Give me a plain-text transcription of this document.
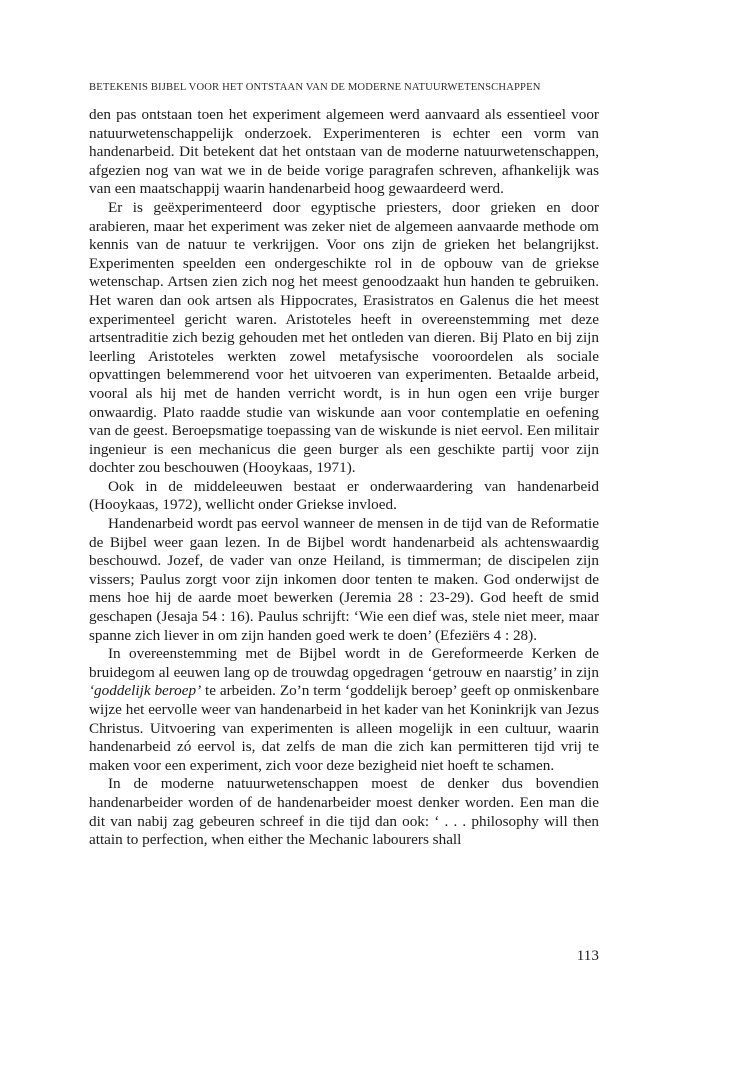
BETEKENIS BIJBEL VOOR HET ONTSTAAN VAN DE MODERNE NATUURWETENSCHAPPEN

den pas ontstaan toen het experiment algemeen werd aanvaard als essentieel voor natuurwetenschappelijk onderzoek. Experimenteren is echter een vorm van handenarbeid. Dit betekent dat het ontstaan van de moderne natuurwetenschappen, afgezien nog van wat we in de beide vorige paragrafen schreven, afhankelijk was van een maatschappij waarin handenarbeid hoog gewaardeerd werd.

Er is geëxperimenteerd door egyptische priesters, door grieken en door arabieren, maar het experiment was zeker niet de algemeen aanvaarde methode om kennis van de natuur te verkrijgen. Voor ons zijn de grieken het belangrijkst. Experimenten speelden een ondergeschikte rol in de opbouw van de griekse wetenschap. Artsen zien zich nog het meest genoodzaakt hun handen te gebruiken. Het waren dan ook artsen als Hippocrates, Erasistratos en Galenus die het meest experimenteel gericht waren. Aristoteles heeft in overeenstemming met deze artsentraditie zich bezig gehouden met het ontleden van dieren. Bij Plato en bij zijn leerling Aristoteles werkten zowel metafysische vooroordelen als sociale opvattingen belemmerend voor het uitvoeren van experimenten. Betaalde arbeid, vooral als hij met de handen verricht wordt, is in hun ogen een vrije burger onwaardig. Plato raadde studie van wiskunde aan voor contemplatie en oefening van de geest. Beroepsmatige toepassing van de wiskunde is niet eervol. Een militair ingenieur is een mechanicus die geen burger als een geschikte partij voor zijn dochter zou beschouwen (Hooykaas, 1971).

Ook in de middeleeuwen bestaat er onderwaardering van handenarbeid (Hooykaas, 1972), wellicht onder Griekse invloed.

Handenarbeid wordt pas eervol wanneer de mensen in de tijd van de Reformatie de Bijbel weer gaan lezen. In de Bijbel wordt handenarbeid als achtenswaardig beschouwd. Jozef, de vader van onze Heiland, is timmerman; de discipelen zijn vissers; Paulus zorgt voor zijn inkomen door tenten te maken. God onderwijst de mens hoe hij de aarde moet bewerken (Jeremia 28 : 23-29). God heeft de smid geschapen (Jesaja 54 : 16). Paulus schrijft: ‘Wie een dief was, stele niet meer, maar spanne zich liever in om zijn handen goed werk te doen’ (Efeziërs 4 : 28).

In overeenstemming met de Bijbel wordt in de Gereformeerde Kerken de bruidegom al eeuwen lang op de trouwdag opgedragen ‘getrouw en naarstig’ in zijn ‘goddelijk beroep’ te arbeiden. Zo’n term ‘goddelijk beroep’ geeft op onmiskenbare wijze het eervolle weer van handenarbeid in het kader van het Koninkrijk van Jezus Christus. Uitvoering van experimenten is alleen mogelijk in een cultuur, waarin handenarbeid zó eervol is, dat zelfs de man die zich kan permitteren tijd vrij te maken voor een experiment, zich voor deze bezigheid niet hoeft te schamen.

In de moderne natuurwetenschappen moest de denker dus bovendien handenarbeider worden of de handenarbeider moest denker worden. Een man die dit van nabij zag gebeuren schreef in die tijd dan ook: ‘ . . . philosophy will then attain to perfection, when either the Mechanic labourers shall

113
